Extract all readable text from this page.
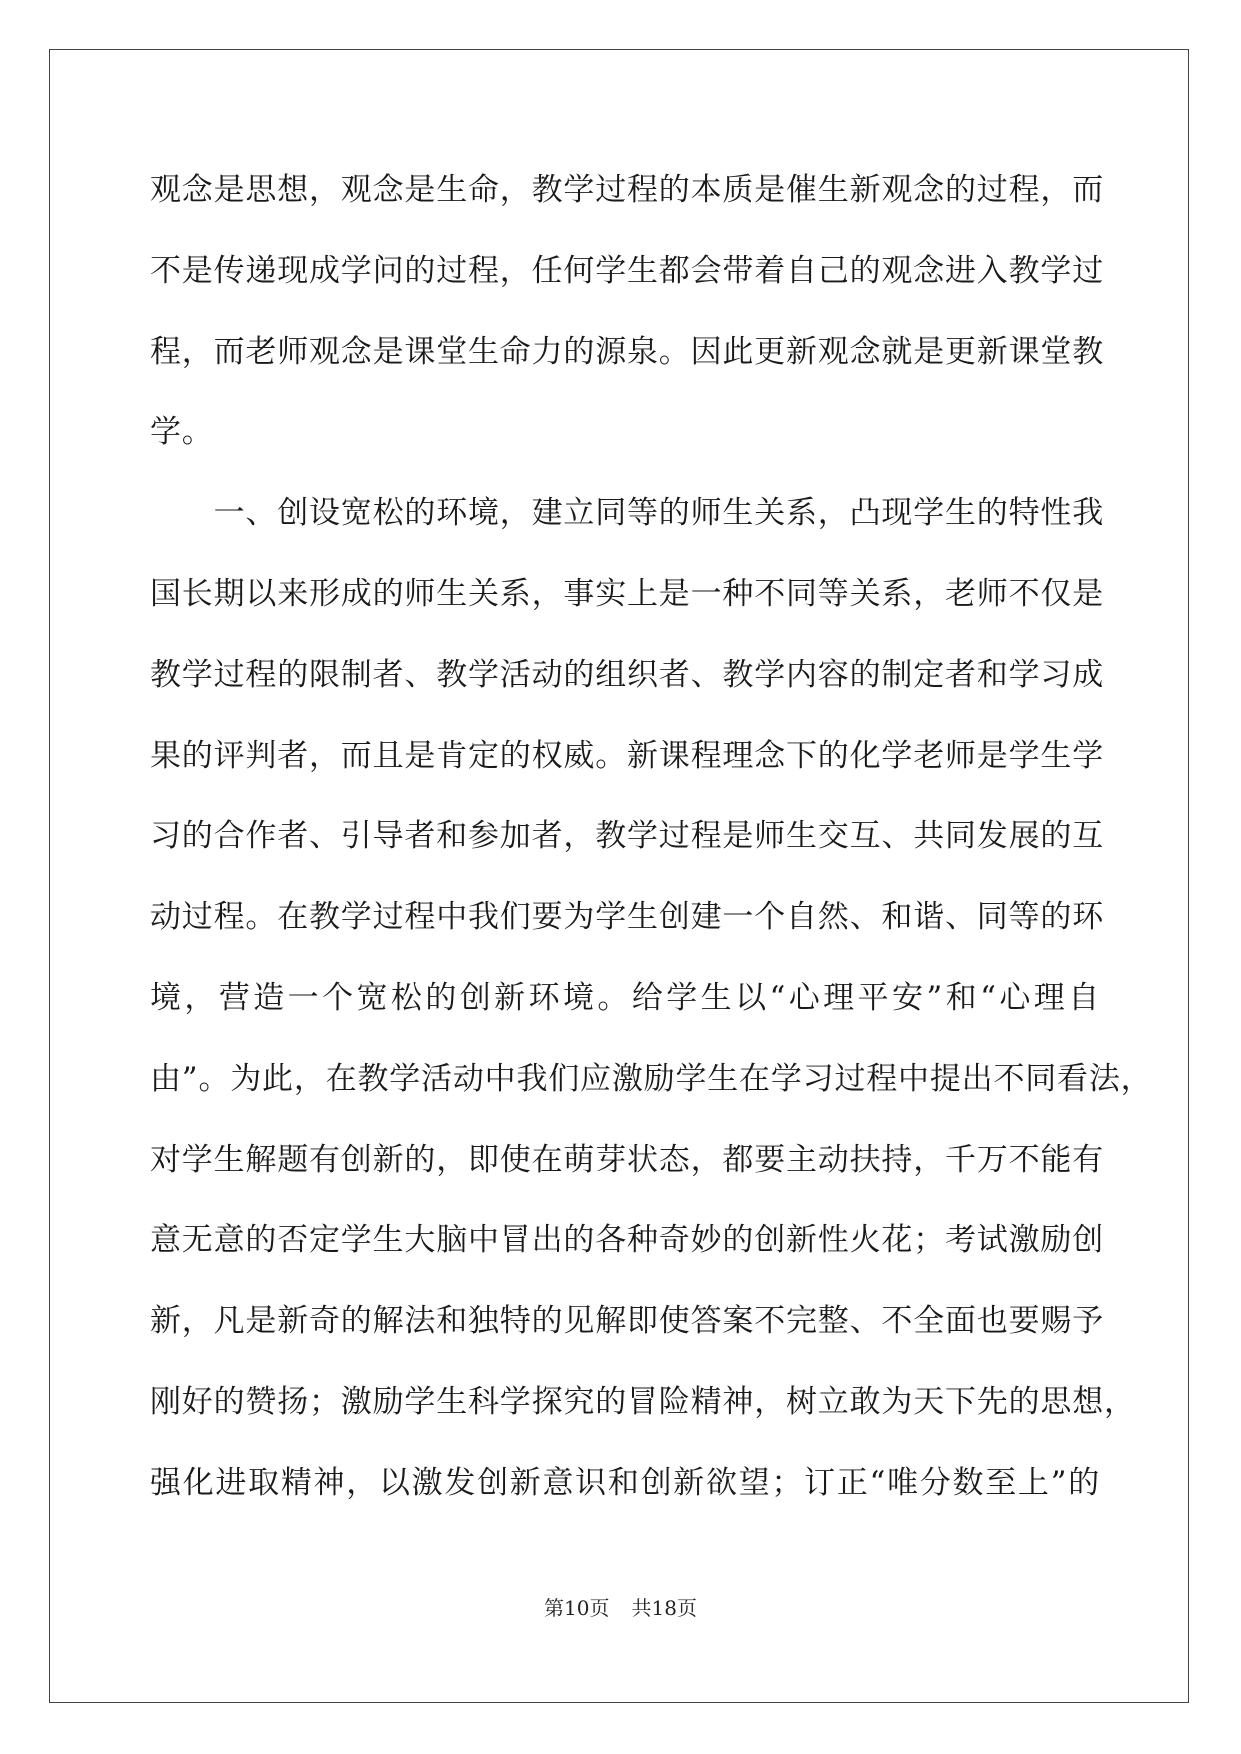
观念是思想，观念是生命，教学过程的本质是催生新观念的过程，而
不是传递现成学问的过程，任何学生都会带着自己的观念进入教学过
程，而老师观念是课堂生命力的源泉。因此更新观念就是更新课堂教
学。
　　一、创设宽松的环境，建立同等的师生关系，凸现学生的特性我
国长期以来形成的师生关系，事实上是一种不同等关系，老师不仅是
教学过程的限制者、教学活动的组织者、教学内容的制定者和学习成
果的评判者，而且是肯定的权威。新课程理念下的化学老师是学生学
习的合作者、引导者和参加者，教学过程是师生交互、共同发展的互
动过程。在教学过程中我们要为学生创建一个自然、和谐、同等的环
境，营造一个宽松的创新环境。给学生以“心理平安”和“心理自
由”。为此，在教学活动中我们应激励学生在学习过程中提出不同看法，
对学生解题有创新的，即使在萌芽状态，都要主动扶持，千万不能有
意无意的否定学生大脑中冒出的各种奇妙的创新性火花；考试激励创
新，凡是新奇的解法和独特的见解即使答案不完整、不全面也要赐予
刚好的赞扬；激励学生科学探究的冒险精神，树立敢为天下先的思想，
强化进取精神，以激发创新意识和创新欲望；订正“唯分数至上”的
第10页 共18页
